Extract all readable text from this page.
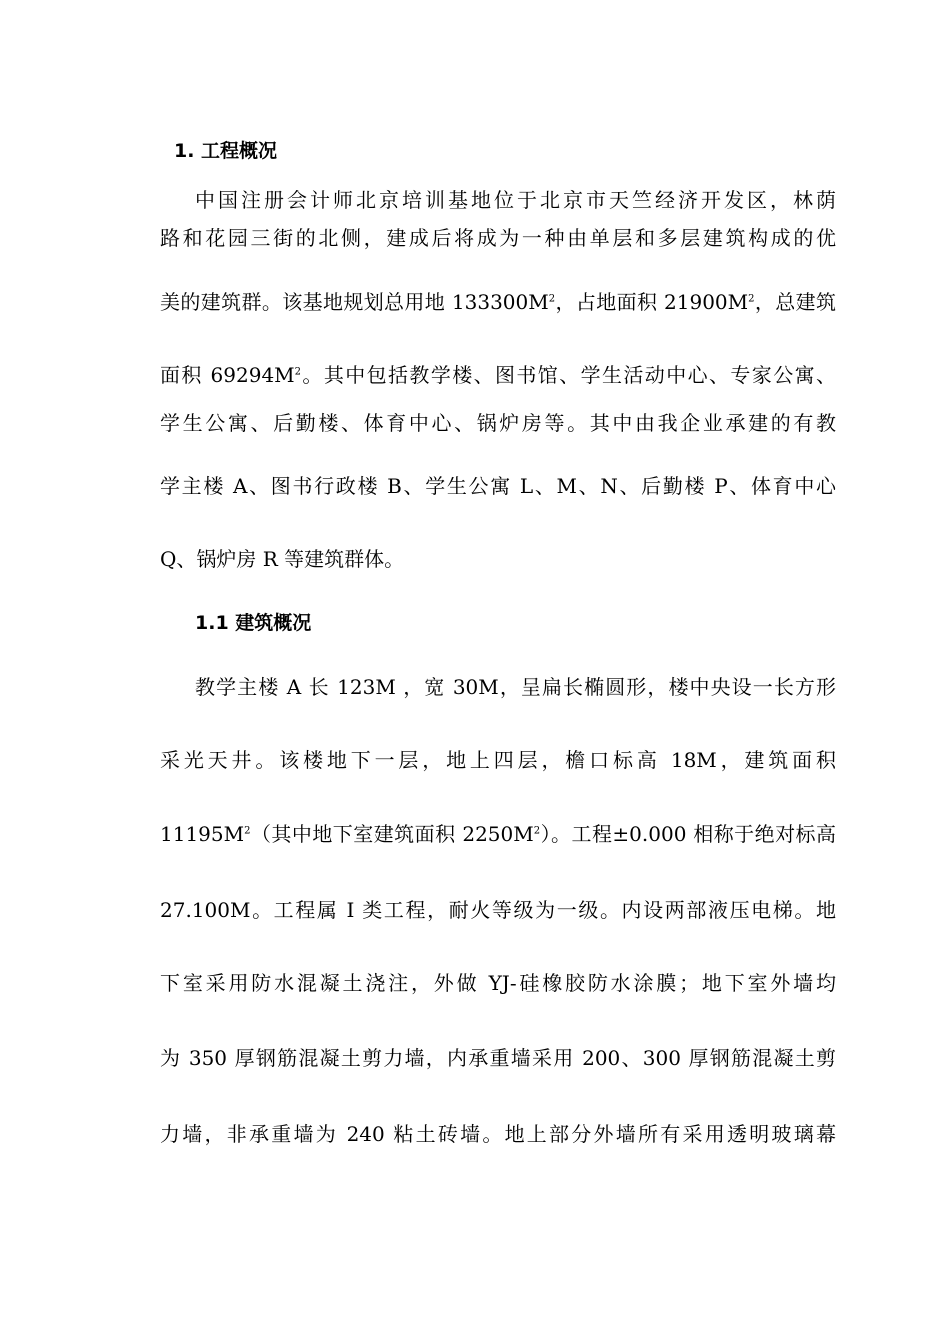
1. 工程概况
中国注册会计师北京培训基地位于北京市天竺经济开发区，林荫
路和花园三街的北侧，建成后将成为一种由单层和多层建筑构成的优
美的建筑群。该基地规划总用地 $133300M^2$，占地面积 $21900M^2$，总建筑
面积 $69294M^2$。其中包括教学楼、图书馆、学生活动中心、专家公寓、
学生公寓、后勤楼、体育中心、锅炉房等。其中由我企业承建的有教
学主楼 A、图书行政楼 B、学生公寓 L、M、N、后勤楼 P、体育中心
Q、锅炉房 R 等建筑群体。
1.1 建筑概况
教学主楼 A 长 123M ，宽 30M，呈扁长椭圆形，楼中央设一长方形
采光天井。该楼地下一层，地上四层，檐口标高 18M，建筑面积
$11195M^2$（其中地下室建筑面积 $2250M^2$）。工程±0.000 相称于绝对标高
27.100M。工程属 I 类工程，耐火等级为一级。内设两部液压电梯。地
下室采用防水混凝土浇注，外做 YJ-硅橡胶防水涂膜；地下室外墙均
为 350 厚钢筋混凝土剪力墙，内承重墙采用 200、300 厚钢筋混凝土剪
力墙，非承重墙为 240 粘土砖墙。地上部分外墙所有采用透明玻璃幕
